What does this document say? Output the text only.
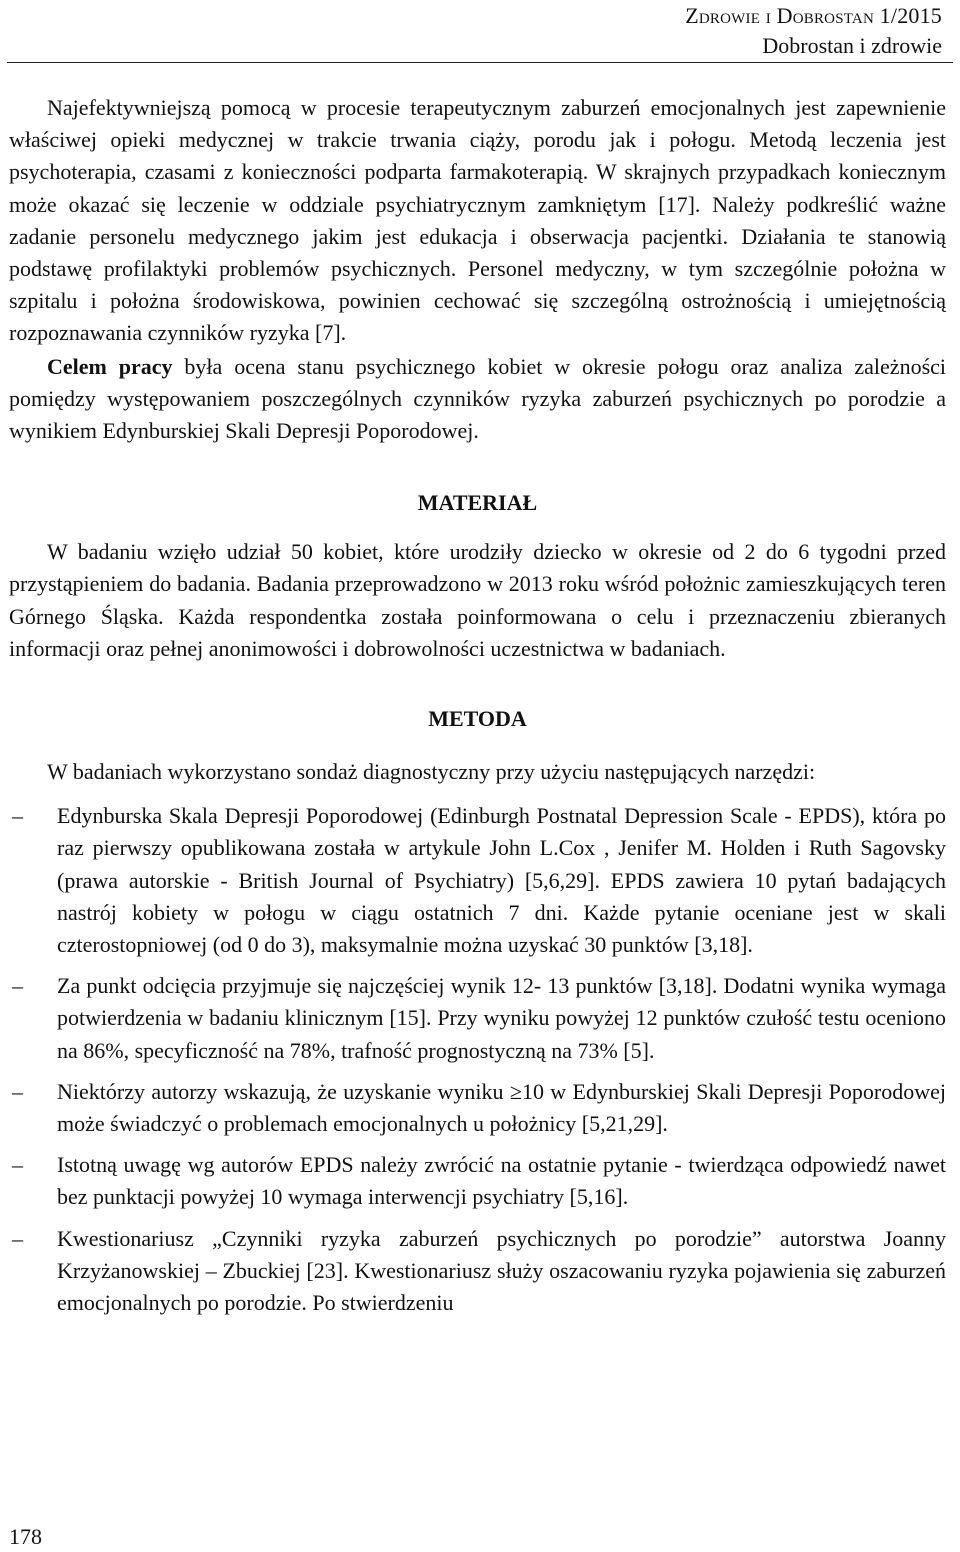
Zdrowie i Dobrostan 1/2015
Dobrostan i zdrowie

Najefektywniejszą pomocą w procesie terapeutycznym zaburzeń emocjonalnych jest zapewnienie właściwej opieki medycznej w trakcie trwania ciąży, porodu jak i połogu. Metodą leczenia jest psychoterapia, czasami z konieczności podparta farmakoterapią. W skrajnych przypadkach koniecznym może okazać się leczenie w oddziale psychiatrycznym zamkniętym [17]. Należy podkreślić ważne zadanie personelu medycznego jakim jest edukacja i obserwacja pacjentki. Działania te stanowią podstawę profilaktyki problemów psychicznych. Personel medyczny, w tym szczególnie położna w szpitalu i położna środowiskowa, powinien cechować się szczególną ostrożnością i umiejętnością rozpoznawania czynników ryzyka [7].

Celem pracy była ocena stanu psychicznego kobiet w okresie połogu oraz analiza zależności pomiędzy występowaniem poszczególnych czynników ryzyka zaburzeń psychicznych po porodzie a wynikiem Edynburskiej Skali Depresji Poporodowej.

MATERIAŁ

W badaniu wzięło udział 50 kobiet, które urodziły dziecko w okresie od 2 do 6 tygodni przed przystąpieniem do badania. Badania przeprowadzono w 2013 roku wśród położnic zamieszkujących teren Górnego Śląska. Każda respondentka została poinformowana o celu i przeznaczeniu zbieranych informacji oraz pełnej anonimowości i dobrowolności uczestnictwa w badaniach.

METODA

W badaniach wykorzystano sondaż diagnostyczny przy użyciu następujących narzędzi:

– Edynburska Skala Depresji Poporodowej (Edinburgh Postnatal Depression Scale - EPDS), która po raz pierwszy opublikowana została w artykule John L.Cox , Jenifer M. Holden i Ruth Sagovsky (prawa autorskie - British Journal of Psychiatry) [5,6,29]. EPDS zawiera 10 pytań badających nastrój kobiety w połogu w ciągu ostatnich 7 dni. Każde pytanie oceniane jest w skali czterostopniowej (od 0 do 3), maksymalnie można uzyskać 30 punktów [3,18].
– Za punkt odcięcia przyjmuje się najczęściej wynik 12- 13 punktów [3,18]. Dodatni wynika wymaga potwierdzenia w badaniu klinicznym [15]. Przy wyniku powyżej 12 punktów czułość testu oceniono na 86%, specyficzność na 78%, trafność prognostyczną na 73% [5].
– Niektórzy autorzy wskazują, że uzyskanie wyniku ≥10 w Edynburskiej Skali Depresji Poporodowej może świadczyć o problemach emocjonalnych u położnicy [5,21,29].
– Istotną uwagę wg autorów EPDS należy zwrócić na ostatnie pytanie - twierdząca odpowiedź nawet bez punktacji powyżej 10 wymaga interwencji psychiatry [5,16].
– Kwestionariusz „Czynniki ryzyka zaburzeń psychicznych po porodzie” autorstwa Joanny Krzyżanowskiej – Zbuckiej [23]. Kwestionariusz służy oszacowaniu ryzyka pojawienia się zaburzeń emocjonalnych po porodzie. Po stwierdzeniu
178
